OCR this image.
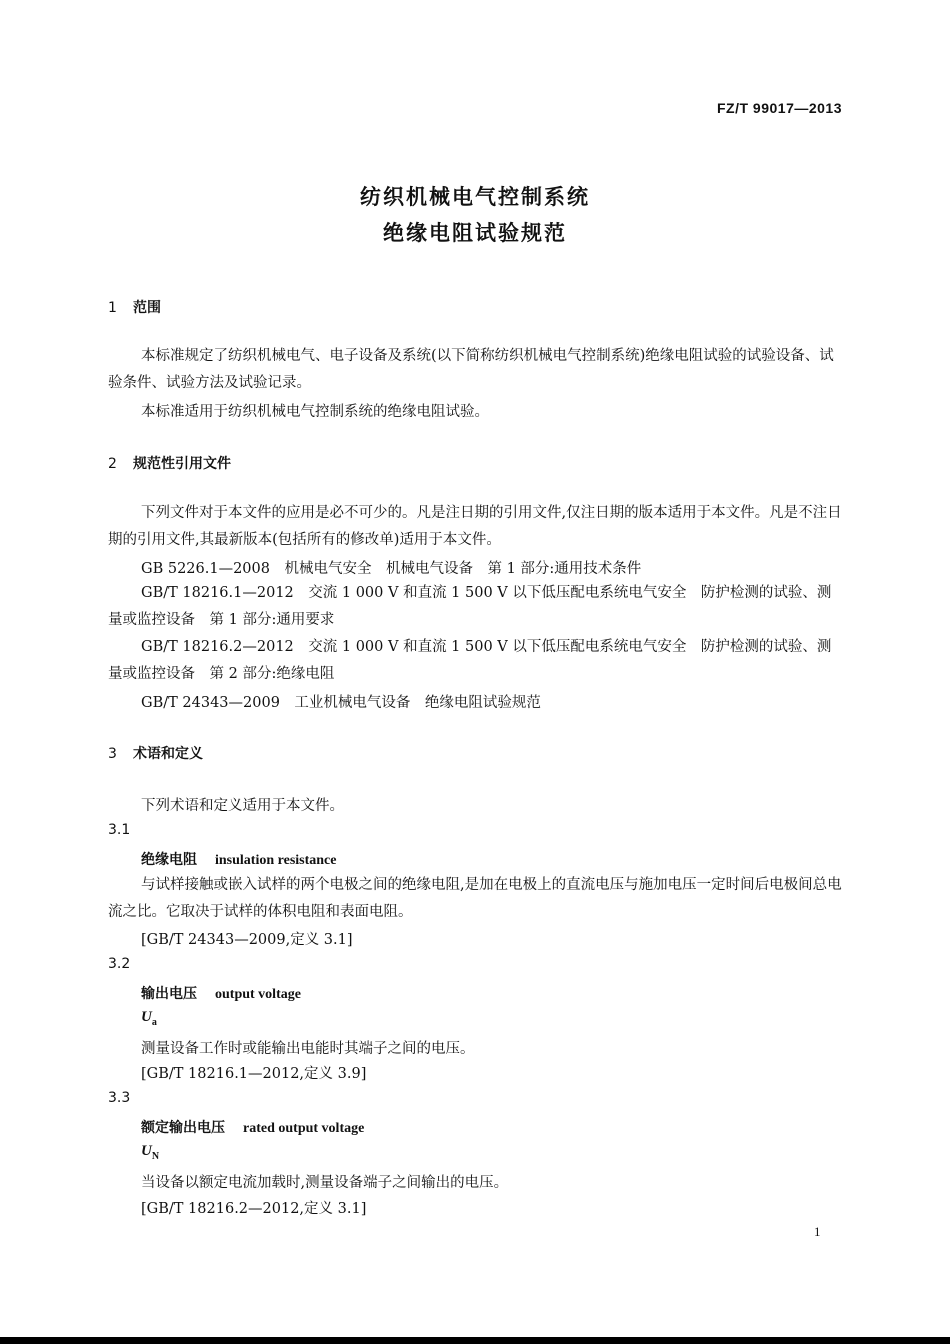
FZ/T 99017—2013
纺织机械电气控制系统
绝缘电阻试验规范
1 范围
本标准规定了纺织机械电气、电子设备及系统(以下简称纺织机械电气控制系统)绝缘电阻试验的试验设备、试验条件、试验方法及试验记录。
本标准适用于纺织机械电气控制系统的绝缘电阻试验。
2 规范性引用文件
下列文件对于本文件的应用是必不可少的。凡是注日期的引用文件,仅注日期的版本适用于本文件。凡是不注日期的引用文件,其最新版本(包括所有的修改单)适用于本文件。
GB 5226.1—2008　机械电气安全　机械电气设备　第 1 部分:通用技术条件
GB/T 18216.1—2012　交流 1 000 V 和直流 1 500 V 以下低压配电系统电气安全　防护检测的试验、测量或监控设备　第 1 部分:通用要求
GB/T 18216.2—2012　交流 1 000 V 和直流 1 500 V 以下低压配电系统电气安全　防护检测的试验、测量或监控设备　第 2 部分:绝缘电阻
GB/T 24343—2009　工业机械电气设备　绝缘电阻试验规范
3 术语和定义
下列术语和定义适用于本文件。
3.1
绝缘电阻 insulation resistance
与试样接触或嵌入试样的两个电极之间的绝缘电阻,是加在电极上的直流电压与施加电压一定时间后电极间总电流之比。它取决于试样的体积电阻和表面电阻。
[GB/T 24343—2009,定义 3.1]
3.2
输出电压 output voltage
$U_a$
测量设备工作时或能输出电能时其端子之间的电压。
[GB/T 18216.1—2012,定义 3.9]
3.3
额定输出电压 rated output voltage
$U_N$
当设备以额定电流加载时,测量设备端子之间输出的电压。
[GB/T 18216.2—2012,定义 3.1]
1
